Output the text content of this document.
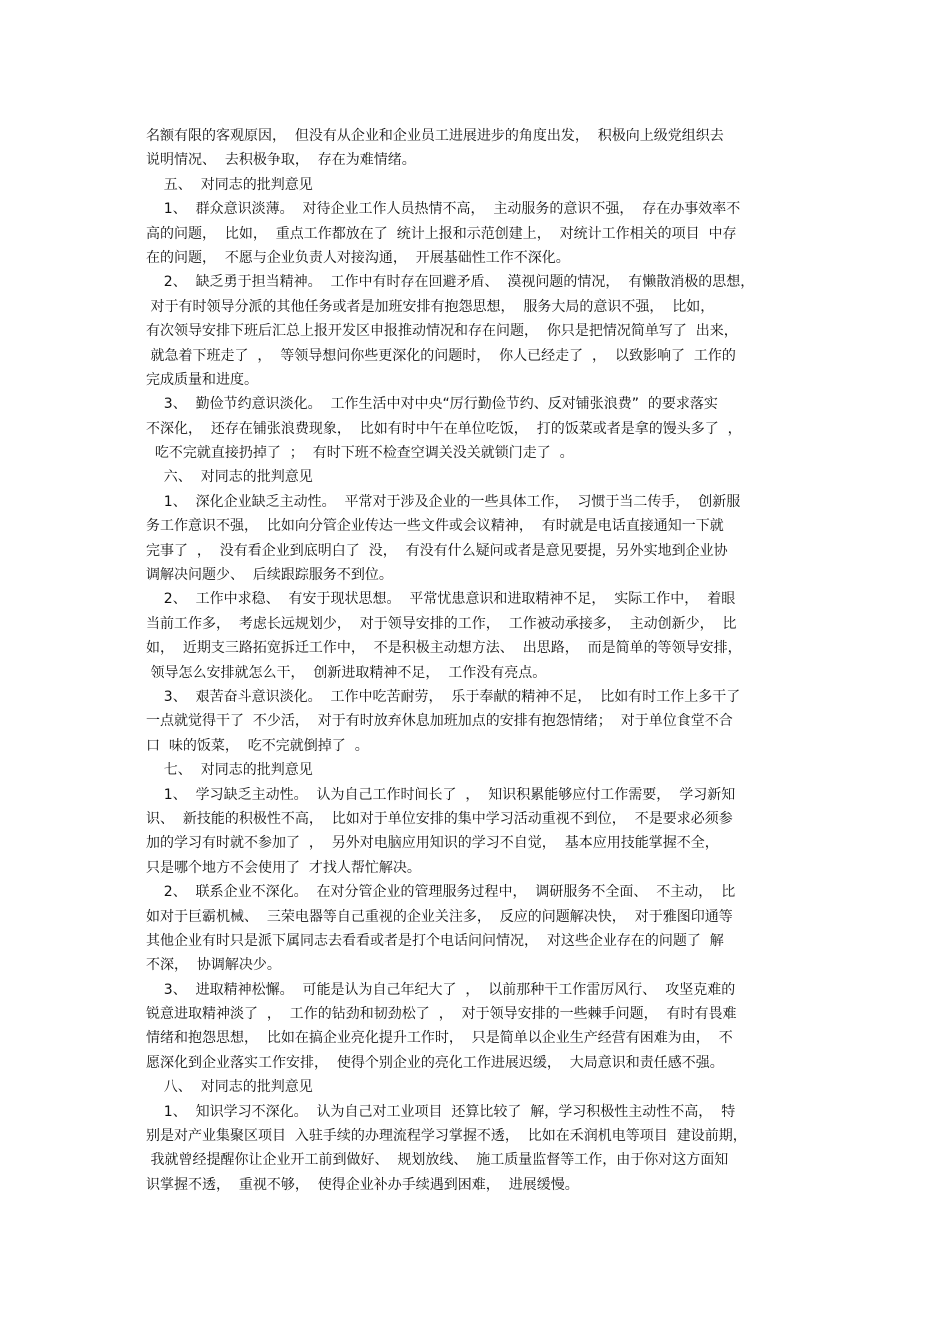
名额有限的客观原因，  但没有从企业和企业员工进展进步的角度出发，  积极向上级党组织去
说明情况、  去积极争取，  存在为难情绪。
五、  对同志的批判意见
1、  群众意识淡薄。  对待企业工作人员热情不高，  主动服务的意识不强，  存在办事效率不
高的问题，  比如，  重点工作都放在了  统计上报和示范创建上，  对统计工作相关的项目  中存
在的问题，  不愿与企业负责人对接沟通，  开展基础性工作不深化。
2、  缺乏勇于担当精神。  工作中有时存在回避矛盾、  漠视问题的情况，  有懒散消极的思想，
对于有时领导分派的其他任务或者是加班安排有抱怨思想，  服务大局的意识不强，  比如，
有次领导安排下班后汇总上报开发区申报推动情况和存在问题，  你只是把情况简单写了  出来，
就急着下班走了  ，  等领导想问你些更深化的问题时，  你人已经走了  ，  以致影响了  工作的
完成质量和进度。
3、  勤俭节约意识淡化。  工作生活中对中央“厉行勤俭节约、反对铺张浪费”  的要求落实
不深化，  还存在铺张浪费现象，  比如有时中午在单位吃饭，  打的饭菜或者是拿的馒头多了  ，
吃不完就直接扔掉了  ；  有时下班不检查空调关没关就锁门走了  。
六、  对同志的批判意见
1、  深化企业缺乏主动性。  平常对于涉及企业的一些具体工作，  习惯于当二传手，  创新服
务工作意识不强，  比如向分管企业传达一些文件或会议精神，  有时就是电话直接通知一下就
完事了  ，  没有看企业到底明白了  没，  有没有什么疑问或者是意见要提，另外实地到企业协
调解决问题少、  后续跟踪服务不到位。
2、  工作中求稳、  有安于现状思想。  平常忧患意识和进取精神不足，  实际工作中，  着眼
当前工作多，  考虑长远规划少，  对于领导安排的工作，  工作被动承接多，  主动创新少，  比
如，  近期支三路拓宽拆迁工作中，  不是积极主动想方法、  出思路，  而是简单的等领导安排，
领导怎么安排就怎么干，  创新进取精神不足，  工作没有亮点。
3、  艰苦奋斗意识淡化。  工作中吃苦耐劳，  乐于奉献的精神不足，  比如有时工作上多干了
一点就觉得干了  不少活，  对于有时放弃休息加班加点的安排有抱怨情绪；  对于单位食堂不合
口  味的饭菜，  吃不完就倒掉了  。
七、  对同志的批判意见
1、  学习缺乏主动性。  认为自己工作时间长了  ，  知识积累能够应付工作需要，  学习新知
识、  新技能的积极性不高，  比如对于单位安排的集中学习活动重视不到位，  不是要求必须参
加的学习有时就不参加了  ，  另外对电脑应用知识的学习不自觉，  基本应用技能掌握不全，
只是哪个地方不会使用了  才找人帮忙解决。
2、  联系企业不深化。  在对分管企业的管理服务过程中，  调研服务不全面、  不主动，  比
如对于巨霸机械、  三荣电器等自己重视的企业关注多，  反应的问题解决快，  对于雅图印通等
其他企业有时只是派下属同志去看看或者是打个电话问问情况，  对这些企业存在的问题了  解
不深，  协调解决少。
3、  进取精神松懈。  可能是认为自己年纪大了  ，  以前那种干工作雷厉风行、  攻坚克难的
锐意进取精神淡了  ，  工作的钻劲和韧劲松了  ，  对于领导安排的一些棘手问题，  有时有畏难
情绪和抱怨思想，  比如在搞企业亮化提升工作时，  只是简单以企业生产经营有困难为由，  不
愿深化到企业落实工作安排，  使得个别企业的亮化工作进展迟缓，  大局意识和责任感不强。
八、  对同志的批判意见
1、  知识学习不深化。  认为自己对工业项目  还算比较了  解，学习积极性主动性不高，  特
别是对产业集聚区项目  入驻手续的办理流程学习掌握不透，  比如在禾润机电等项目  建设前期，
我就曾经提醒你让企业开工前到做好、  规划放线、  施工质量监督等工作，由于你对这方面知
识掌握不透，  重视不够，  使得企业补办手续遇到困难，  进展缓慢。
